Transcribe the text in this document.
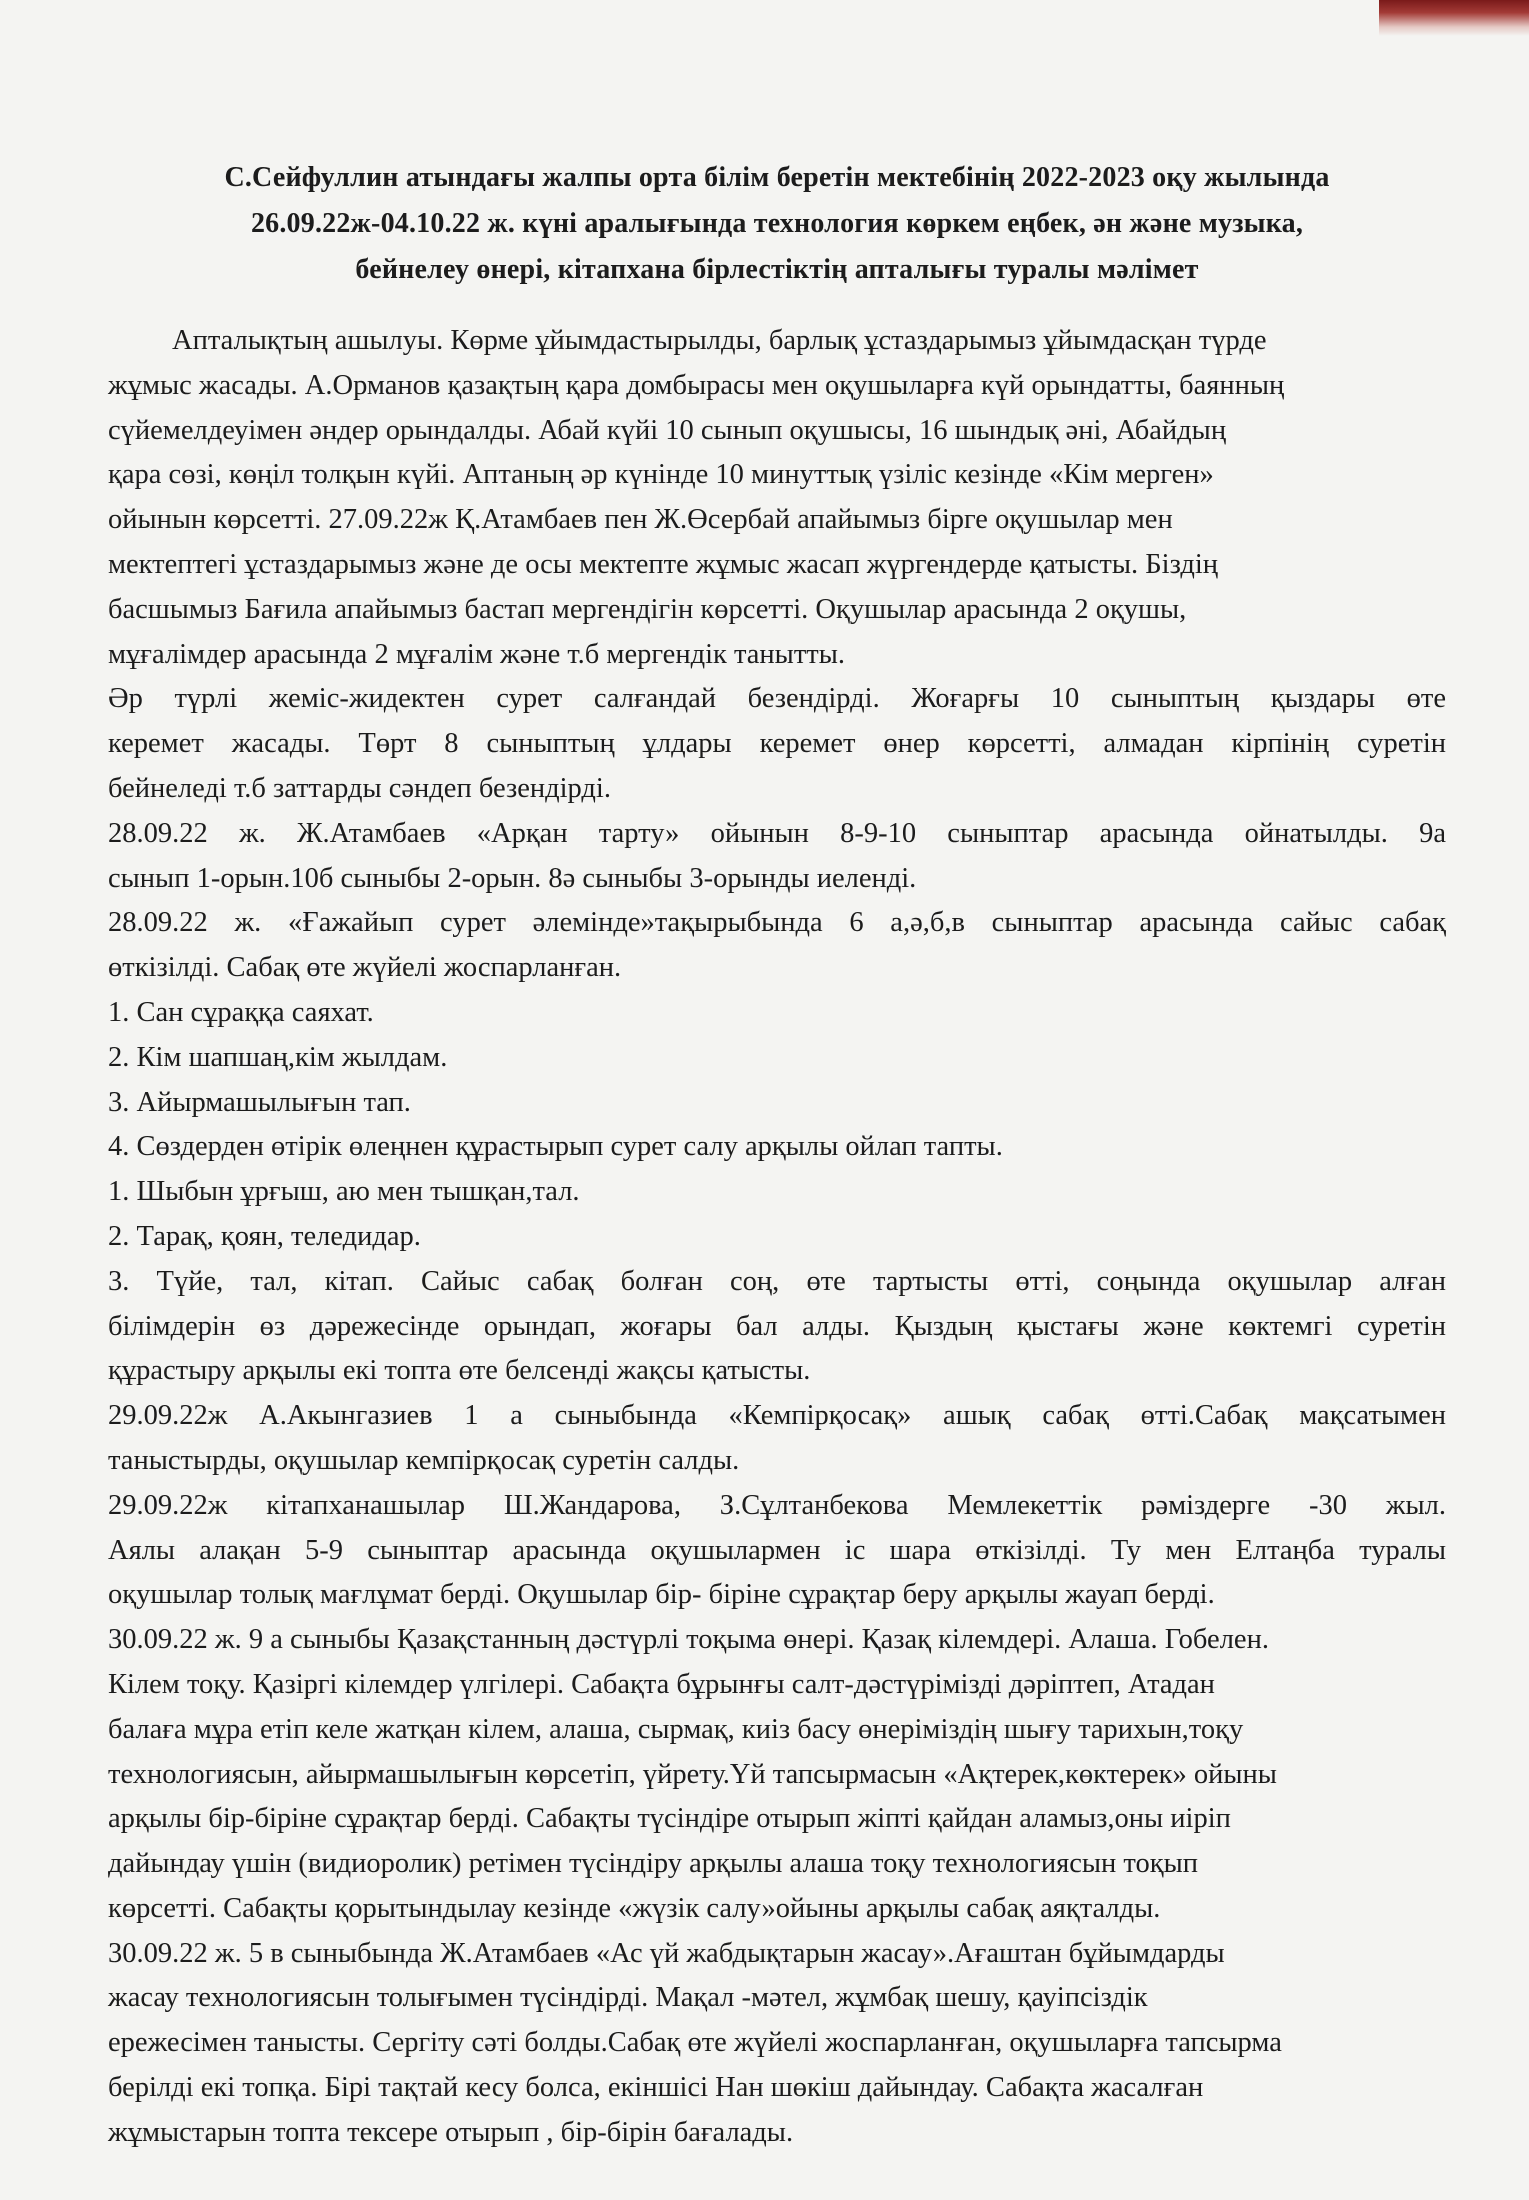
С.Сейфуллин атындағы жалпы орта білім беретін мектебінің 2022-2023 оқу жылында
26.09.22ж-04.10.22 ж. күні аралығында технология көркем еңбек, ән және музыка,
бейнелеу өнері, кітапхана бірлестіктің апталығы туралы мәлімет
Апталықтың ашылуы. Көрме ұйымдастырылды, барлық ұстаздарымыз ұйымдасқан түрде
жұмыс жасады. А.Орманов қазақтың қара домбырасы мен оқушыларға күй орындатты, баянның
сүйемелдеуімен әндер орындалды. Абай күйі 10 сынып оқушысы, 16 шындық әні, Абайдың
қара сөзі, көңіл толқын күйі. Аптаның әр күнінде 10 минуттық үзіліс кезінде «Кім мерген»
ойынын көрсетті. 27.09.22ж Қ.Атамбаев пен Ж.Өсербай апайымыз бірге оқушылар мен
мектептегі ұстаздарымыз және де осы мектепте жұмыс жасап жүргендерде қатысты. Біздің
басшымыз Бағила апайымыз бастап мергендігін көрсетті. Оқушылар арасында 2 оқушы,
мұғалімдер арасында 2 мұғалім және т.б мергендік танытты.
Әр түрлі жеміс-жидектен сурет салғандай безендірді. Жоғарғы 10 сыныптың қыздары өте
керемет жасады. Төрт 8 сыныптың ұлдары керемет өнер көрсетті, алмадан кірпінің суретін
бейнеледі т.б заттарды сәндеп безендірді.
28.09.22 ж. Ж.Атамбаев «Арқан тарту» ойынын 8-9-10 сыныптар арасында ойнатылды. 9а
сынып 1-орын.10б сыныбы 2-орын. 8ә сыныбы 3-орынды иеленді.
28.09.22 ж. «Ғажайып сурет әлемінде»тақырыбында 6 а,ә,б,в сыныптар арасында сайыс сабақ
өткізілді. Сабақ өте жүйелі жоспарланған.
1. Сан сұраққа саяхат.
2. Кім шапшаң,кім жылдам.
3. Айырмашылығын тап.
4. Сөздерден өтірік өлеңнен құрастырып сурет салу арқылы ойлап тапты.
1. Шыбын ұрғыш, аю мен тышқан,тал.
2. Тарақ, қоян, теледидар.
3. Түйе, тал, кітап. Сайыс сабақ болған соң, өте тартысты өтті, соңында оқушылар алған
білімдерін өз дәрежесінде орындап, жоғары бал алды. Қыздың қыстағы және көктемгі суретін
құрастыру арқылы екі топта өте белсенді жақсы қатысты.
29.09.22ж А.Акынгазиев 1 а сыныбында «Кемпірқосақ» ашық сабақ өтті.Сабақ мақсатымен
таныстырды, оқушылар кемпірқосақ суретін салды.
29.09.22ж кітапханашылар Ш.Жандарова, З.Сұлтанбекова Мемлекеттік рәміздерге -30 жыл.
Аялы алақан 5-9 сыныптар арасында оқушылармен іс шара өткізілді. Ту мен Елтаңба туралы
оқушылар толық мағлұмат берді. Оқушылар бір- біріне сұрақтар беру арқылы жауап берді.
30.09.22 ж. 9 а сыныбы Қазақстанның дәстүрлі тоқыма өнері. Қазақ кілемдері. Алаша. Гобелен.
Кілем тоқу. Қазіргі кілемдер үлгілері. Сабақта бұрынғы салт-дәстүрімізді дәріптеп, Атадан
балаға мұра етіп келе жатқан кілем, алаша, сырмақ, киіз басу өнеріміздің шығу тарихын,тоқу
технологиясын, айырмашылығын көрсетіп, үйрету.Үй тапсырмасын «Ақтерек,көктерек» ойыны
арқылы бір-біріне сұрақтар берді. Сабақты түсіндіре отырып жіпті қайдан аламыз,оны иіріп
дайындау үшін (видиоролик) ретімен түсіндіру арқылы алаша тоқу технологиясын тоқып
көрсетті. Сабақты қорытындылау кезінде «жүзік салу»ойыны арқылы сабақ аяқталды.
30.09.22 ж. 5 в сыныбында Ж.Атамбаев «Ас үй жабдықтарын жасау».Ағаштан бұйымдарды
жасау технологиясын толығымен түсіндірді. Мақал -мәтел, жұмбақ шешу, қауіпсіздік
ережесімен танысты. Сергіту сәті болды.Сабақ өте жүйелі жоспарланған, оқушыларға тапсырма
берілді екі топқа. Бірі тақтай кесу болса, екіншісі Нан шөкіш дайындау. Сабақта жасалған
жұмыстарын топта тексере отырып , бір-бірін бағалады.
